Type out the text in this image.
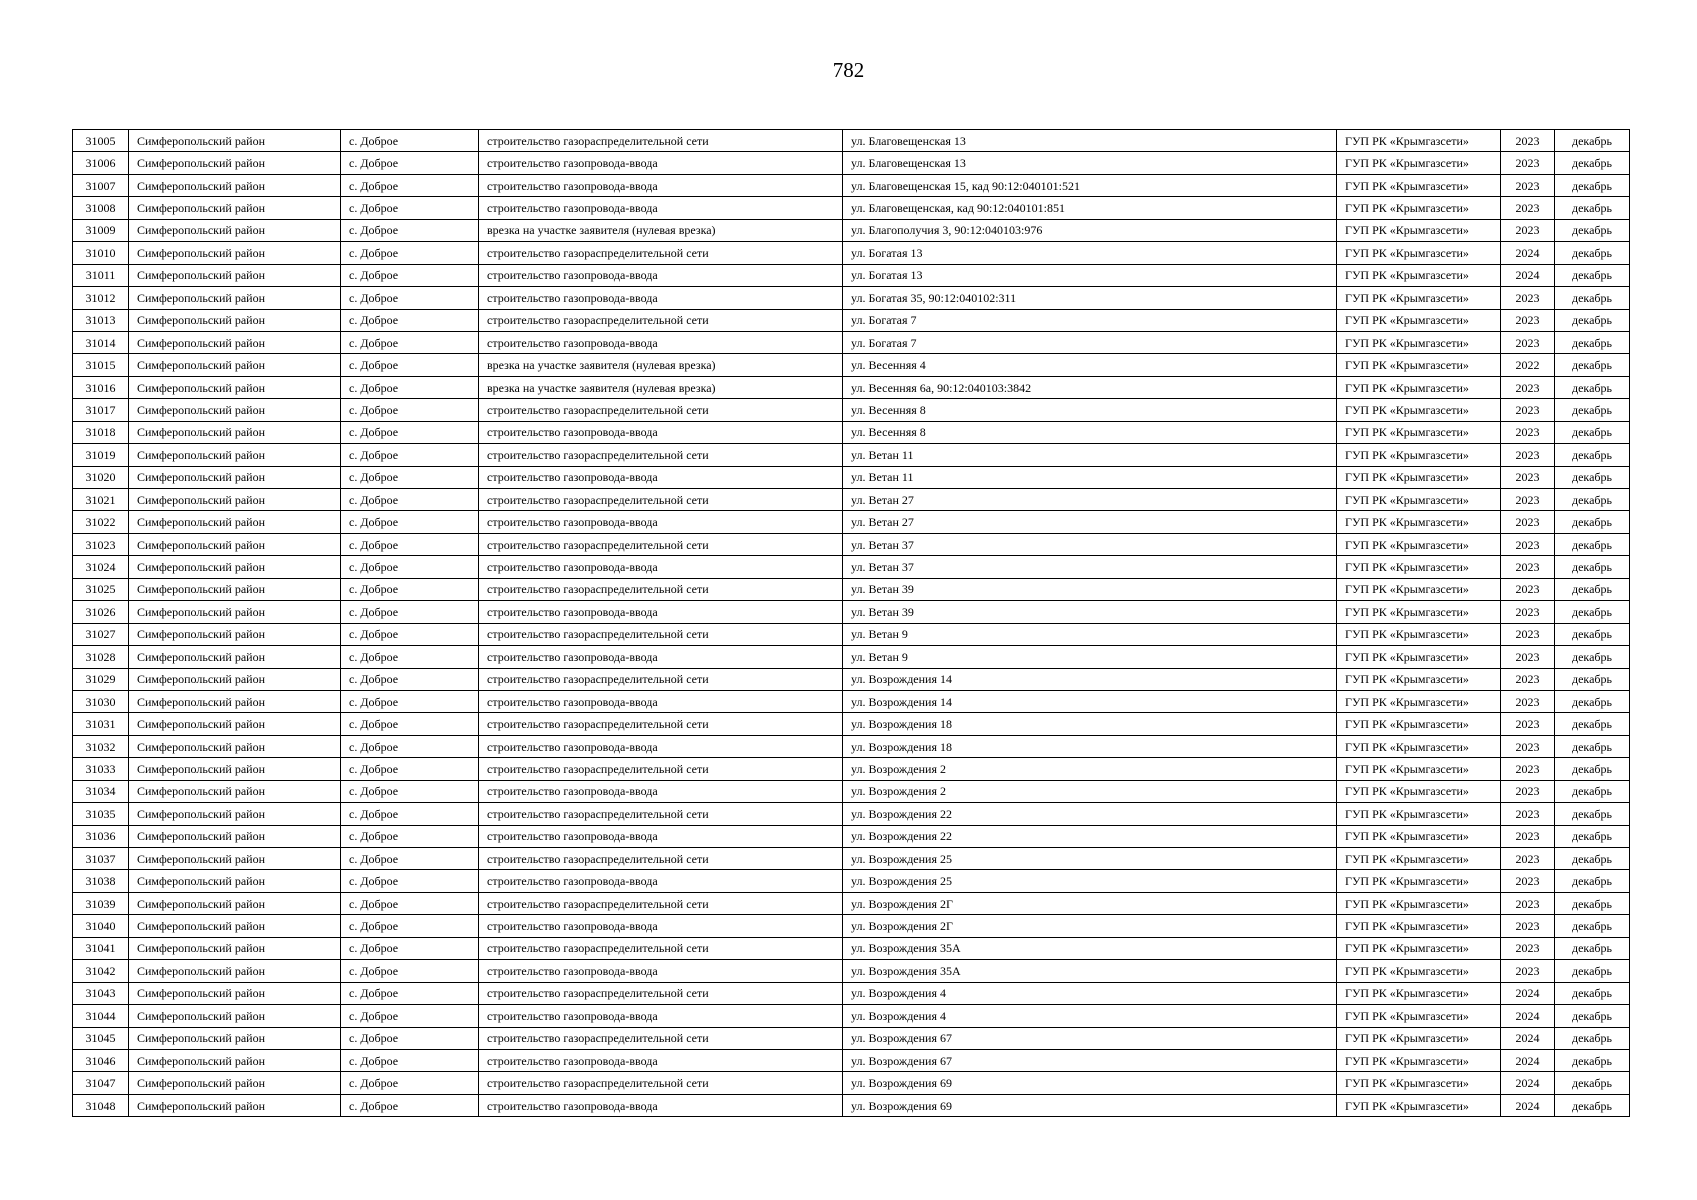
782
31005	Симферопольский район	с. Доброе	строительство газораспределительной сети	ул. Благовещенская 13	ГУП РК «Крымгазсети»	2023	декабрь
31006	Симферопольский район	с. Доброе	строительство газопровода-ввода	ул. Благовещенская 13	ГУП РК «Крымгазсети»	2023	декабрь
31007	Симферопольский район	с. Доброе	строительство газопровода-ввода	ул. Благовещенская 15, кад 90:12:040101:521	ГУП РК «Крымгазсети»	2023	декабрь
31008	Симферопольский район	с. Доброе	строительство газопровода-ввода	ул. Благовещенская, кад 90:12:040101:851	ГУП РК «Крымгазсети»	2023	декабрь
31009	Симферопольский район	с. Доброе	врезка на участке заявителя (нулевая врезка)	ул. Благополучия 3, 90:12:040103:976	ГУП РК «Крымгазсети»	2023	декабрь
31010	Симферопольский район	с. Доброе	строительство газораспределительной сети	ул. Богатая 13	ГУП РК «Крымгазсети»	2024	декабрь
31011	Симферопольский район	с. Доброе	строительство газопровода-ввода	ул. Богатая 13	ГУП РК «Крымгазсети»	2024	декабрь
31012	Симферопольский район	с. Доброе	строительство газопровода-ввода	ул. Богатая 35, 90:12:040102:311	ГУП РК «Крымгазсети»	2023	декабрь
31013	Симферопольский район	с. Доброе	строительство газораспределительной сети	ул. Богатая 7	ГУП РК «Крымгазсети»	2023	декабрь
31014	Симферопольский район	с. Доброе	строительство газопровода-ввода	ул. Богатая 7	ГУП РК «Крымгазсети»	2023	декабрь
31015	Симферопольский район	с. Доброе	врезка на участке заявителя (нулевая врезка)	ул. Весенняя 4	ГУП РК «Крымгазсети»	2022	декабрь
31016	Симферопольский район	с. Доброе	врезка на участке заявителя (нулевая врезка)	ул. Весенняя 6а, 90:12:040103:3842	ГУП РК «Крымгазсети»	2023	декабрь
31017	Симферопольский район	с. Доброе	строительство газораспределительной сети	ул. Весенняя 8	ГУП РК «Крымгазсети»	2023	декабрь
31018	Симферопольский район	с. Доброе	строительство газопровода-ввода	ул. Весенняя 8	ГУП РК «Крымгазсети»	2023	декабрь
31019	Симферопольский район	с. Доброе	строительство газораспределительной сети	ул. Ветан 11	ГУП РК «Крымгазсети»	2023	декабрь
31020	Симферопольский район	с. Доброе	строительство газопровода-ввода	ул. Ветан 11	ГУП РК «Крымгазсети»	2023	декабрь
31021	Симферопольский район	с. Доброе	строительство газораспределительной сети	ул. Ветан 27	ГУП РК «Крымгазсети»	2023	декабрь
31022	Симферопольский район	с. Доброе	строительство газопровода-ввода	ул. Ветан 27	ГУП РК «Крымгазсети»	2023	декабрь
31023	Симферопольский район	с. Доброе	строительство газораспределительной сети	ул. Ветан 37	ГУП РК «Крымгазсети»	2023	декабрь
31024	Симферопольский район	с. Доброе	строительство газопровода-ввода	ул. Ветан 37	ГУП РК «Крымгазсети»	2023	декабрь
31025	Симферопольский район	с. Доброе	строительство газораспределительной сети	ул. Ветан 39	ГУП РК «Крымгазсети»	2023	декабрь
31026	Симферопольский район	с. Доброе	строительство газопровода-ввода	ул. Ветан 39	ГУП РК «Крымгазсети»	2023	декабрь
31027	Симферопольский район	с. Доброе	строительство газораспределительной сети	ул. Ветан 9	ГУП РК «Крымгазсети»	2023	декабрь
31028	Симферопольский район	с. Доброе	строительство газопровода-ввода	ул. Ветан 9	ГУП РК «Крымгазсети»	2023	декабрь
31029	Симферопольский район	с. Доброе	строительство газораспределительной сети	ул. Возрождения 14	ГУП РК «Крымгазсети»	2023	декабрь
31030	Симферопольский район	с. Доброе	строительство газопровода-ввода	ул. Возрождения 14	ГУП РК «Крымгазсети»	2023	декабрь
31031	Симферопольский район	с. Доброе	строительство газораспределительной сети	ул. Возрождения 18	ГУП РК «Крымгазсети»	2023	декабрь
31032	Симферопольский район	с. Доброе	строительство газопровода-ввода	ул. Возрождения 18	ГУП РК «Крымгазсети»	2023	декабрь
31033	Симферопольский район	с. Доброе	строительство газораспределительной сети	ул. Возрождения 2	ГУП РК «Крымгазсети»	2023	декабрь
31034	Симферопольский район	с. Доброе	строительство газопровода-ввода	ул. Возрождения 2	ГУП РК «Крымгазсети»	2023	декабрь
31035	Симферопольский район	с. Доброе	строительство газораспределительной сети	ул. Возрождения 22	ГУП РК «Крымгазсети»	2023	декабрь
31036	Симферопольский район	с. Доброе	строительство газопровода-ввода	ул. Возрождения 22	ГУП РК «Крымгазсети»	2023	декабрь
31037	Симферопольский район	с. Доброе	строительство газораспределительной сети	ул. Возрождения 25	ГУП РК «Крымгазсети»	2023	декабрь
31038	Симферопольский район	с. Доброе	строительство газопровода-ввода	ул. Возрождения 25	ГУП РК «Крымгазсети»	2023	декабрь
31039	Симферопольский район	с. Доброе	строительство газораспределительной сети	ул. Возрождения 2Г	ГУП РК «Крымгазсети»	2023	декабрь
31040	Симферопольский район	с. Доброе	строительство газопровода-ввода	ул. Возрождения 2Г	ГУП РК «Крымгазсети»	2023	декабрь
31041	Симферопольский район	с. Доброе	строительство газораспределительной сети	ул. Возрождения 35А	ГУП РК «Крымгазсети»	2023	декабрь
31042	Симферопольский район	с. Доброе	строительство газопровода-ввода	ул. Возрождения 35А	ГУП РК «Крымгазсети»	2023	декабрь
31043	Симферопольский район	с. Доброе	строительство газораспределительной сети	ул. Возрождения 4	ГУП РК «Крымгазсети»	2024	декабрь
31044	Симферопольский район	с. Доброе	строительство газопровода-ввода	ул. Возрождения 4	ГУП РК «Крымгазсети»	2024	декабрь
31045	Симферопольский район	с. Доброе	строительство газораспределительной сети	ул. Возрождения 67	ГУП РК «Крымгазсети»	2024	декабрь
31046	Симферопольский район	с. Доброе	строительство газопровода-ввода	ул. Возрождения 67	ГУП РК «Крымгазсети»	2024	декабрь
31047	Симферопольский район	с. Доброе	строительство газораспределительной сети	ул. Возрождения 69	ГУП РК «Крымгазсети»	2024	декабрь
31048	Симферопольский район	с. Доброе	строительство газопровода-ввода	ул. Возрождения 69	ГУП РК «Крымгазсети»	2024	декабрь
